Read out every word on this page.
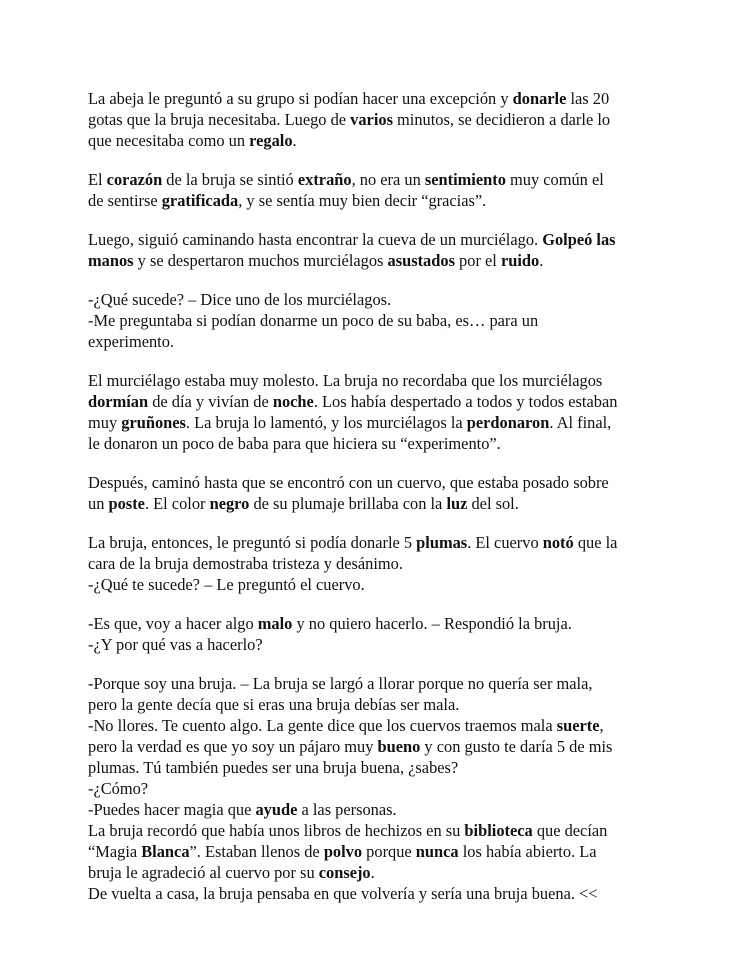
La abeja le preguntó a su grupo si podían hacer una excepción y donarle las 20
gotas que la bruja necesitaba. Luego de varios minutos, se decidieron a darle lo
que necesitaba como un regalo.
El corazón de la bruja se sintió extraño, no era un sentimiento muy común el
de sentirse gratificada, y se sentía muy bien decir “gracias”.
Luego, siguió caminando hasta encontrar la cueva de un murciélago. Golpeó las
manos y se despertaron muchos murciélagos asustados por el ruido.
-¿Qué sucede? – Dice uno de los murciélagos.
-Me preguntaba si podían donarme un poco de su baba, es… para un
experimento.
El murciélago estaba muy molesto. La bruja no recordaba que los murciélagos
dormían de día y vivían de noche. Los había despertado a todos y todos estaban
muy gruñones. La bruja lo lamentó, y los murciélagos la perdonaron. Al final,
le donaron un poco de baba para que hiciera su “experimento”.
Después, caminó hasta que se encontró con un cuervo, que estaba posado sobre
un poste. El color negro de su plumaje brillaba con la luz del sol.
La bruja, entonces, le preguntó si podía donarle 5 plumas. El cuervo notó que la
cara de la bruja demostraba tristeza y desánimo.
-¿Qué te sucede? – Le preguntó el cuervo.
-Es que, voy a hacer algo malo y no quiero hacerlo. – Respondió la bruja.
-¿Y por qué vas a hacerlo?
-Porque soy una bruja. – La bruja se largó a llorar porque no quería ser mala,
pero la gente decía que si eras una bruja debías ser mala.
-No llores. Te cuento algo. La gente dice que los cuervos traemos mala suerte,
pero la verdad es que yo soy un pájaro muy bueno y con gusto te daría 5 de mis
plumas. Tú también puedes ser una bruja buena, ¿sabes?
-¿Cómo?
-Puedes hacer magia que ayude a las personas.
La bruja recordó que había unos libros de hechizos en su biblioteca que decían
“Magia Blanca”. Estaban llenos de polvo porque nunca los había abierto. La
bruja le agradeció al cuervo por su consejo.
De vuelta a casa, la bruja pensaba en que volvería y sería una bruja buena. <<
